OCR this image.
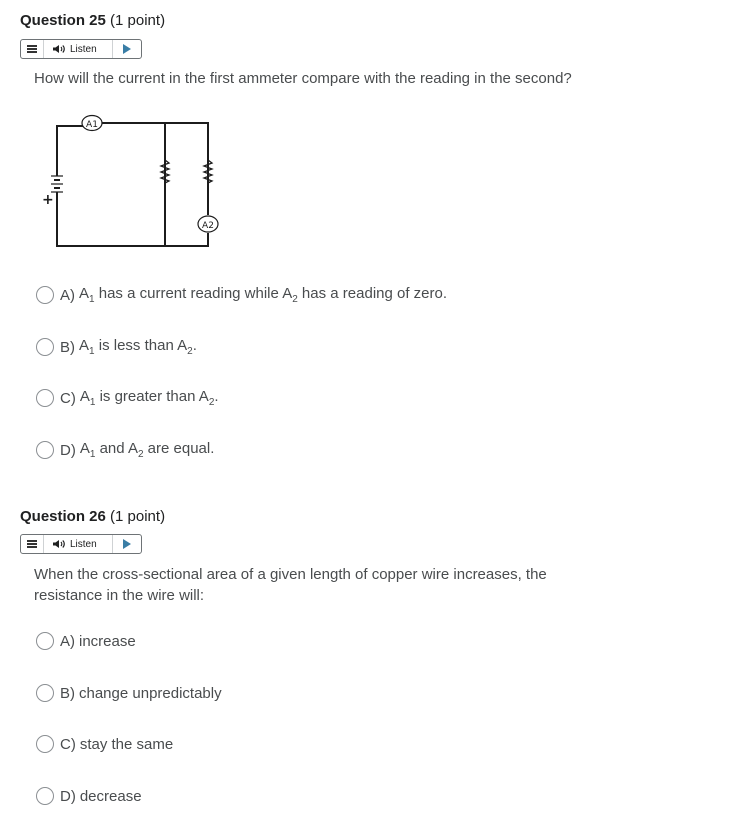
Question 25 (1 point)
Listen
How will the current in the first ammeter compare with the reading in the second?
+
A1
A2
A) $A_1$ has a current reading while $A_2$ has a reading of zero.
B) $A_1$ is less than $A_2$.
C) $A_1$ is greater than $A_2$.
D) $A_1$ and $A_2$ are equal.
Question 26 (1 point)
Listen
When the cross-sectional area of a given length of copper wire increases, the
resistance in the wire will:
A) increase
B) change unpredictably
C) stay the same
D) decrease
